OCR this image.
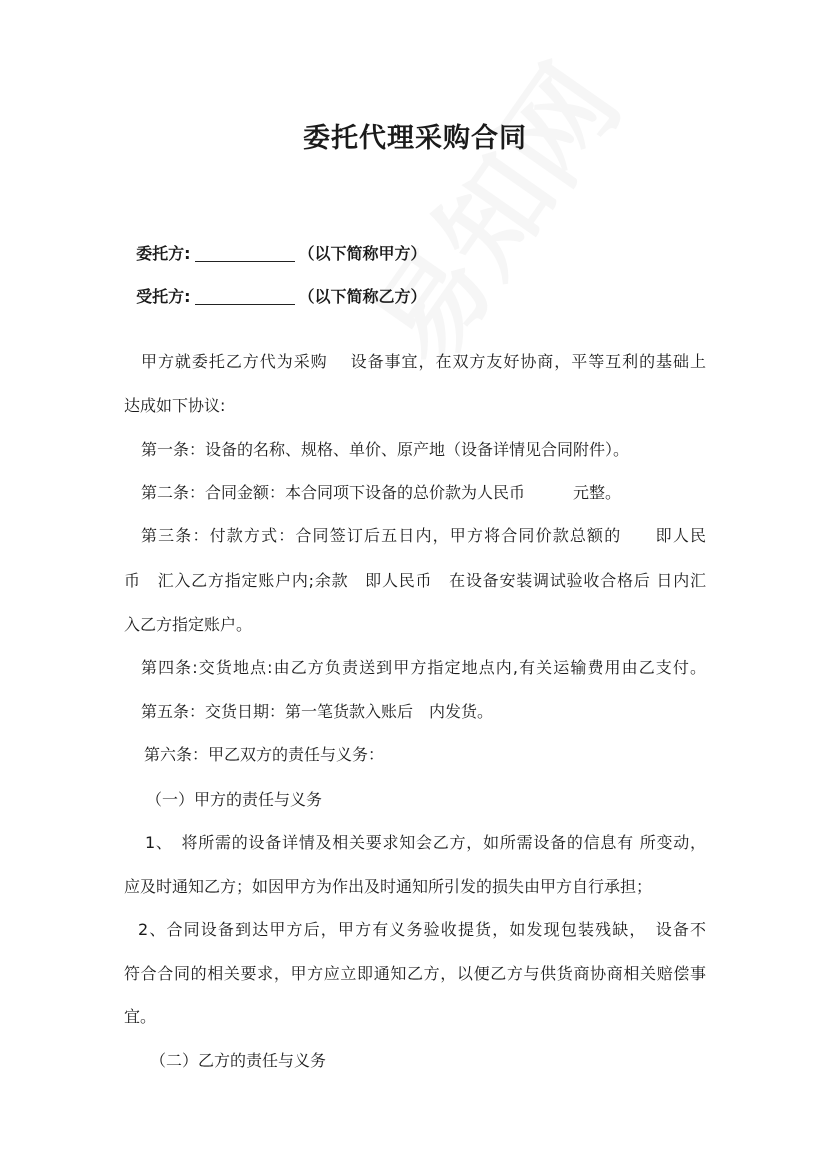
委托代理采购合同

委托方:	（以下简称甲方）

受托方:	（以下简称乙方）

甲方就委托乙方代为采购　 设备事宜，在双方友好协商，平等互利的基础上
达成如下协议:
第一条：设备的名称、规格、单价、原产地（设备详情见合同附件）。
第二条：合同金额：本合同项下设备的总价款为人民币　　　元整。
第三条：付款方式：合同签订后五日内，甲方将合同价款总额的　　即人民
币　汇入乙方指定账户内;余款　即人民币　在设备安装调试验收合格后 日内汇
入乙方指定账户。
第四条:交货地点:由乙方负责送到甲方指定地点内,有关运输费用由乙支付。
第五条：交货日期：第一笔货款入账后　内发货。
第六条：甲乙双方的责任与义务：
（一）甲方的责任与义务
1、　将所需的设备详情及相关要求知会乙方，如所需设备的信息有 所变动，
应及时通知乙方；如因甲方为作出及时通知所引发的损失由甲方自行承担；
2、合同设备到达甲方后，甲方有义务验收提货，如发现包装残缺，　设备不
符合合同的相关要求，甲方应立即通知乙方，以便乙方与供货商协商相关赔偿事
宜。
（二）乙方的责任与义务
